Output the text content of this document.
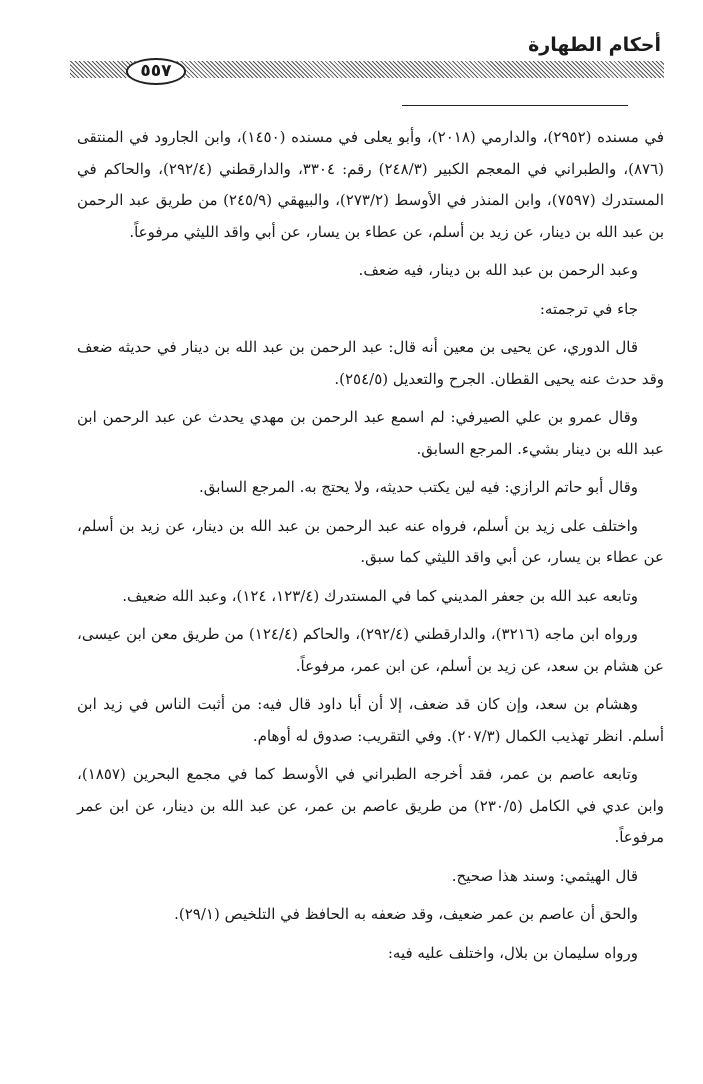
أحكام الطهارة
٥٥٧

في مسنده (٢٩٥٢)، والدارمي (٢٠١٨)، وأبو يعلى في مسنده (١٤٥٠)، وابن الجارود في المنتقى (٨٧٦)، والطبراني في المعجم الكبير (٢٤٨/٣) رقم: ٣٣٠٤، والدارقطني (٢٩٢/٤)، والحاكم في المستدرك (٧٥٩٧)، وابن المنذر في الأوسط (٢٧٣/٢)، والبيهقي (٢٤٥/٩) من طريق عبد الرحمن بن عبد الله بن دينار، عن زيد بن أسلم، عن عطاء بن يسار، عن أبي واقد الليثي مرفوعاً.

وعبد الرحمن بن عبد الله بن دينار، فيه ضعف.

جاء في ترجمته:

قال الدوري، عن يحيى بن معين أنه قال: عبد الرحمن بن عبد الله بن دينار في حديثه ضعف وقد حدث عنه يحيى القطان. الجرح والتعديل (٢٥٤/٥).

وقال عمرو بن علي الصيرفي: لم اسمع عبد الرحمن بن مهدي يحدث عن عبد الرحمن ابن عبد الله بن دينار بشيء. المرجع السابق.

وقال أبو حاتم الرازي: فيه لين يكتب حديثه، ولا يحتج به. المرجع السابق.

واختلف على زيد بن أسلم، فرواه عنه عبد الرحمن بن عبد الله بن دينار، عن زيد بن أسلم، عن عطاء بن يسار، عن أبي واقد الليثي كما سبق.

وتابعه عبد الله بن جعفر المديني كما في المستدرك (١٢٣/٤، ١٢٤)، وعبد الله ضعيف.

ورواه ابن ماجه (٣٢١٦)، والدارقطني (٢٩٢/٤)، والحاكم (١٢٤/٤) من طريق معن ابن عيسى، عن هشام بن سعد، عن زيد بن أسلم، عن ابن عمر، مرفوعاً.

وهشام بن سعد، وإن كان قد ضعف، إلا أن أبا داود قال فيه: من أثبت الناس في زيد ابن أسلم. انظر تهذيب الكمال (٢٠٧/٣). وفي التقريب: صدوق له أوهام.

وتابعه عاصم بن عمر، فقد أخرجه الطبراني في الأوسط كما في مجمع البحرين (١٨٥٧)، وابن عدي في الكامل (٢٣٠/٥) من طريق عاصم بن عمر، عن عبد الله بن دينار، عن ابن عمر مرفوعاً.

قال الهيثمي: وسند هذا صحيح.

والحق أن عاصم بن عمر ضعيف، وقد ضعفه به الحافظ في التلخيص (٢٩/١).

ورواه سليمان بن بلال، واختلف عليه فيه:
